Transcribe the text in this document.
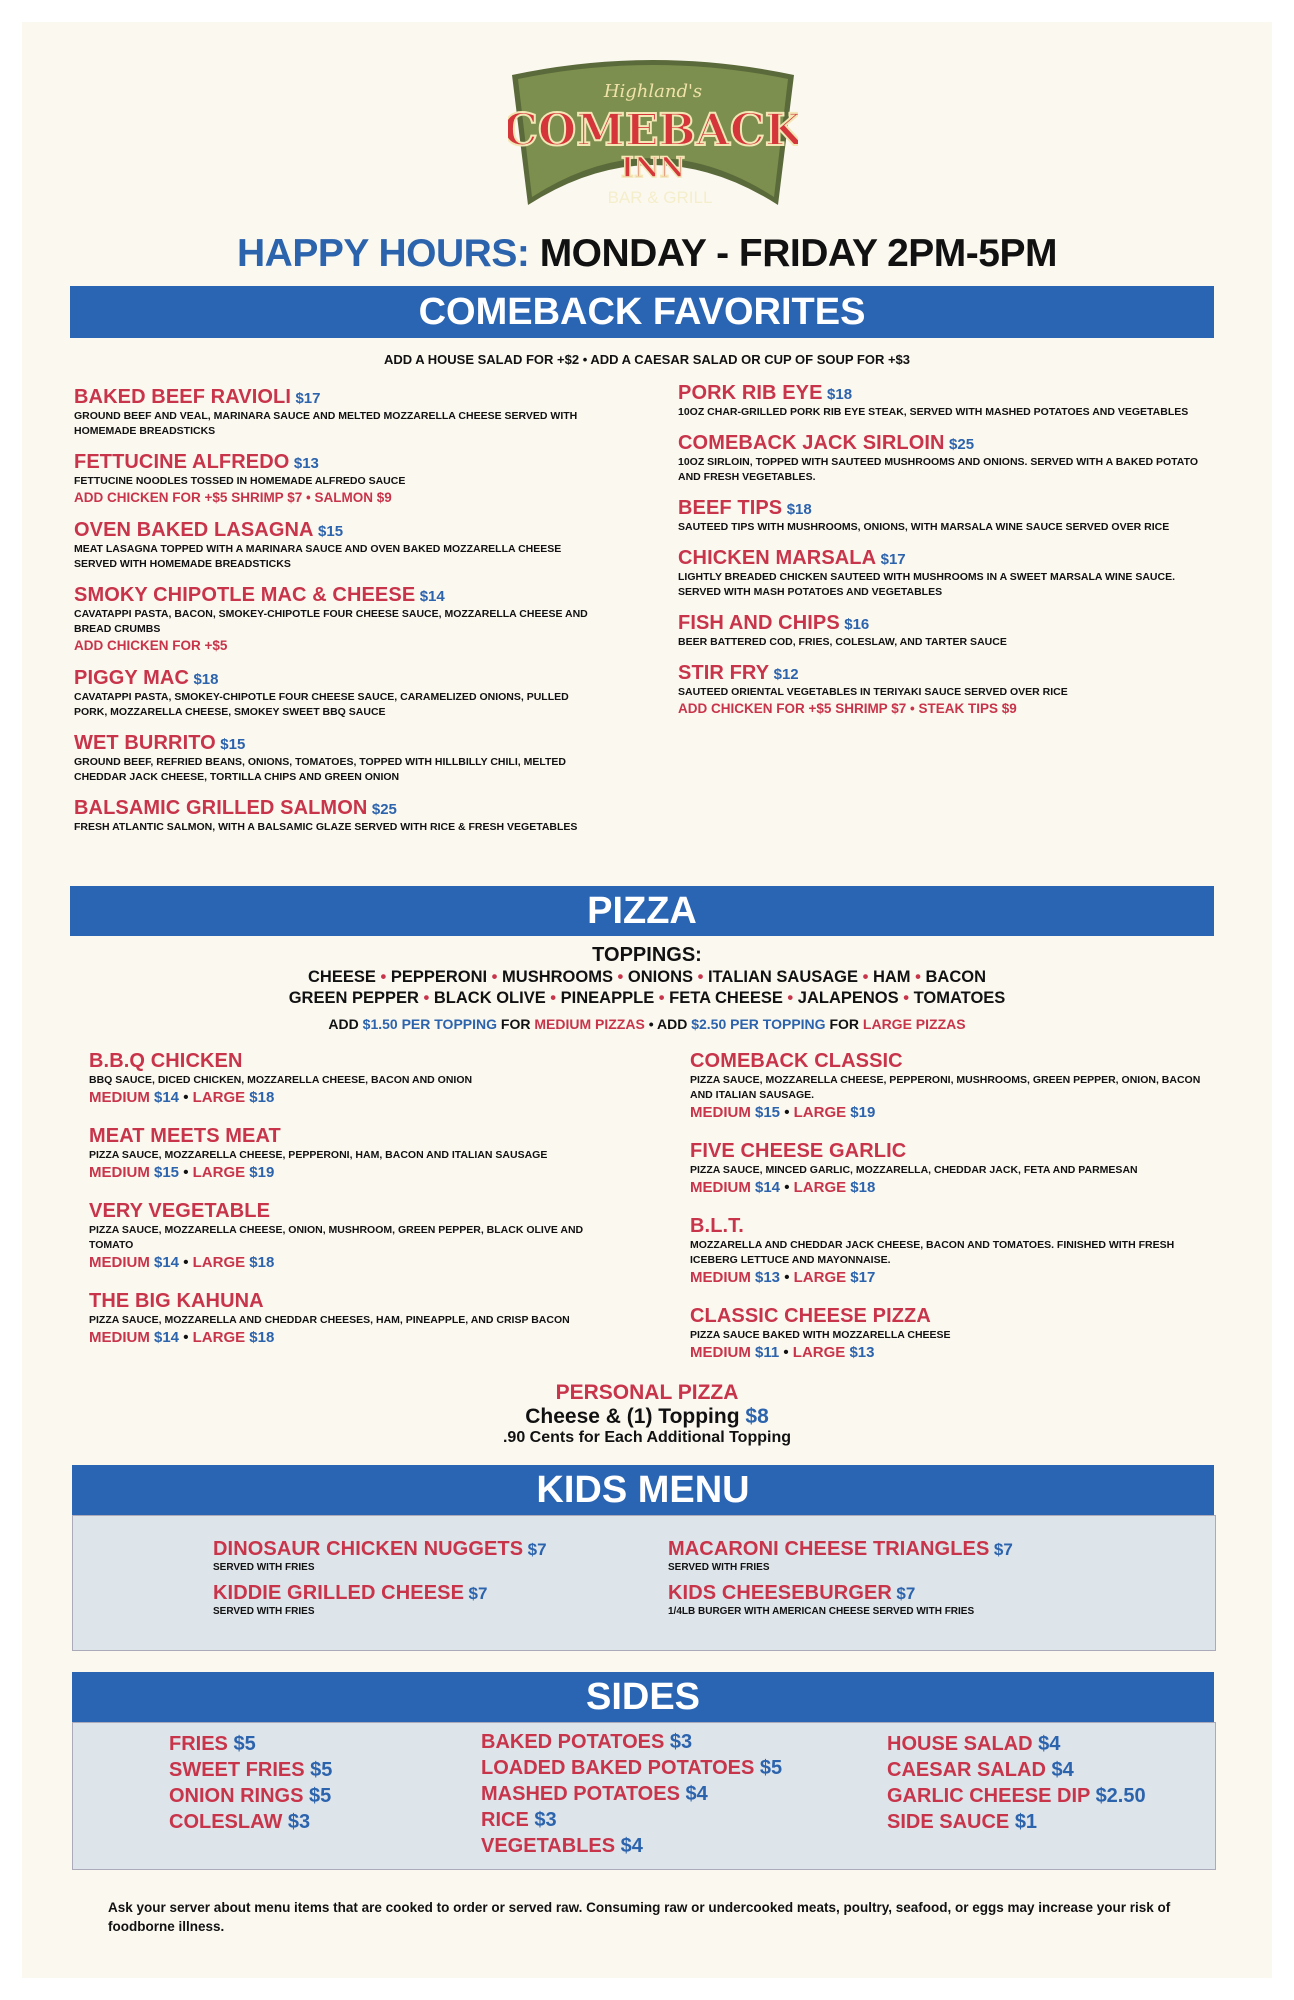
Highland's
COMEBACK
INN
BAR & GRILL
HAPPY HOURS: MONDAY - FRIDAY 2PM-5PM
COMEBACK FAVORITES
ADD A HOUSE SALAD FOR +$2 • ADD A CAESAR SALAD OR CUP OF SOUP FOR +$3
BAKED BEEF RAVIOLI $17
GROUND BEEF AND VEAL, MARINARA SAUCE AND MELTED MOZZARELLA CHEESE SERVED WITH HOMEMADE BREADSTICKS
FETTUCINE ALFREDO $13
FETTUCINE NOODLES TOSSED IN HOMEMADE ALFREDO SAUCE
ADD CHICKEN FOR +$5 SHRIMP $7 • SALMON $9
OVEN BAKED LASAGNA $15
MEAT LASAGNA TOPPED WITH A MARINARA SAUCE AND OVEN BAKED MOZZARELLA CHEESE SERVED WITH HOMEMADE BREADSTICKS
SMOKY CHIPOTLE MAC & CHEESE $14
CAVATAPPI PASTA, BACON, SMOKEY-CHIPOTLE FOUR CHEESE SAUCE, MOZZARELLA CHEESE AND BREAD CRUMBS
ADD CHICKEN FOR +$5
PIGGY MAC $18
CAVATAPPI PASTA, SMOKEY-CHIPOTLE FOUR CHEESE SAUCE, CARAMELIZED ONIONS, PULLED PORK, MOZZARELLA CHEESE, SMOKEY SWEET BBQ SAUCE
WET BURRITO $15
GROUND BEEF, REFRIED BEANS, ONIONS, TOMATOES, TOPPED WITH HILLBILLY CHILI, MELTED CHEDDAR JACK CHEESE, TORTILLA CHIPS AND GREEN ONION
BALSAMIC GRILLED SALMON $25
FRESH ATLANTIC SALMON, WITH A BALSAMIC GLAZE SERVED WITH RICE & FRESH VEGETABLES
PORK RIB EYE $18
10OZ CHAR-GRILLED PORK RIB EYE STEAK, SERVED WITH MASHED POTATOES AND VEGETABLES
COMEBACK JACK SIRLOIN $25
10OZ SIRLOIN, TOPPED WITH SAUTEED MUSHROOMS AND ONIONS. SERVED WITH A BAKED POTATO AND FRESH VEGETABLES.
BEEF TIPS $18
SAUTEED TIPS WITH MUSHROOMS, ONIONS, WITH MARSALA WINE SAUCE SERVED OVER RICE
CHICKEN MARSALA $17
LIGHTLY BREADED CHICKEN SAUTEED WITH MUSHROOMS IN A SWEET MARSALA WINE SAUCE. SERVED WITH MASH POTATOES AND VEGETABLES
FISH AND CHIPS $16
BEER BATTERED COD, FRIES, COLESLAW, AND TARTER SAUCE
STIR FRY $12
SAUTEED ORIENTAL VEGETABLES IN TERIYAKI SAUCE SERVED OVER RICE
ADD CHICKEN FOR +$5 SHRIMP $7 • STEAK TIPS $9
PIZZA
TOPPINGS:
CHEESE • PEPPERONI • MUSHROOMS • ONIONS • ITALIAN SAUSAGE • HAM • BACON
GREEN PEPPER • BLACK OLIVE • PINEAPPLE • FETA CHEESE • JALAPENOS • TOMATOES
ADD $1.50 PER TOPPING FOR MEDIUM PIZZAS • ADD $2.50 PER TOPPING FOR LARGE PIZZAS
B.B.Q CHICKEN
BBQ SAUCE, DICED CHICKEN, MOZZARELLA CHEESE, BACON AND ONION
MEDIUM $14 • LARGE $18
MEAT MEETS MEAT
PIZZA SAUCE, MOZZARELLA CHEESE, PEPPERONI, HAM, BACON AND ITALIAN SAUSAGE
MEDIUM $15 • LARGE $19
VERY VEGETABLE
PIZZA SAUCE, MOZZARELLA CHEESE, ONION, MUSHROOM, GREEN PEPPER, BLACK OLIVE AND TOMATO
MEDIUM $14 • LARGE $18
THE BIG KAHUNA
PIZZA SAUCE, MOZZARELLA AND CHEDDAR CHEESES, HAM, PINEAPPLE, AND CRISP BACON
MEDIUM $14 • LARGE $18
COMEBACK CLASSIC
PIZZA SAUCE, MOZZARELLA CHEESE, PEPPERONI, MUSHROOMS, GREEN PEPPER, ONION, BACON AND ITALIAN SAUSAGE.
MEDIUM $15 • LARGE $19
FIVE CHEESE GARLIC
PIZZA SAUCE, MINCED GARLIC, MOZZARELLA, CHEDDAR JACK, FETA AND PARMESAN
MEDIUM $14 • LARGE $18
B.L.T.
MOZZARELLA AND CHEDDAR JACK CHEESE, BACON AND TOMATOES. FINISHED WITH FRESH ICEBERG LETTUCE AND MAYONNAISE.
MEDIUM $13 • LARGE $17
CLASSIC CHEESE PIZZA
PIZZA SAUCE BAKED WITH MOZZARELLA CHEESE
MEDIUM $11 • LARGE $13
PERSONAL PIZZA
Cheese & (1) Topping $8
.90 Cents for Each Additional Topping
KIDS MENU
DINOSAUR CHICKEN NUGGETS $7
SERVED WITH FRIES
MACARONI CHEESE TRIANGLES $7
SERVED WITH FRIES
KIDDIE GRILLED CHEESE $7
SERVED WITH FRIES
KIDS CHEESEBURGER $7
1/4LB BURGER WITH AMERICAN CHEESE SERVED WITH FRIES
SIDES
FRIES $5
SWEET FRIES $5
ONION RINGS $5
COLESLAW $3
BAKED POTATOES $3
LOADED BAKED POTATOES $5
MASHED POTATOES $4
RICE $3
VEGETABLES $4
HOUSE SALAD $4
CAESAR SALAD $4
GARLIC CHEESE DIP $2.50
SIDE SAUCE $1
Ask your server about menu items that are cooked to order or served raw. Consuming raw or undercooked meats, poultry, seafood, or eggs may increase your risk of foodborne illness.
